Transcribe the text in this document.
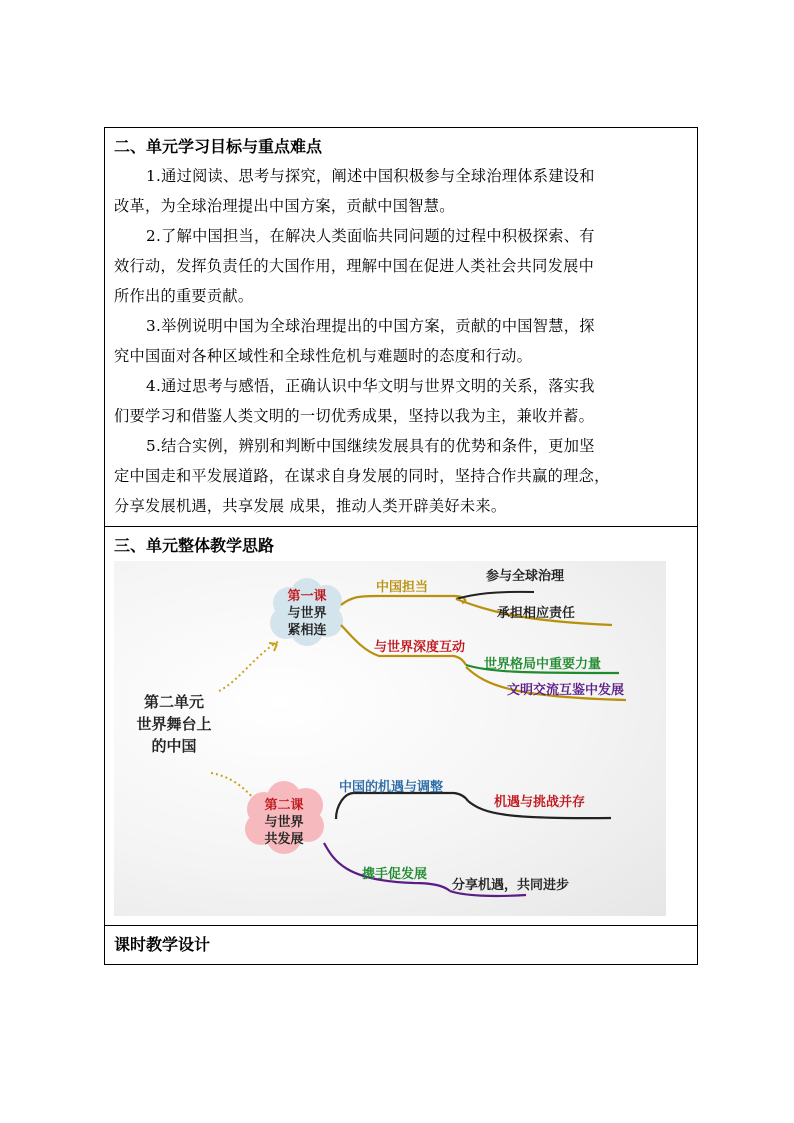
二、单元学习目标与重点难点
1.通过阅读、思考与探究，阐述中国积极参与全球治理体系建设和
改革，为全球治理提出中国方案，贡献中国智慧。
2.了解中国担当，在解决人类面临共同问题的过程中积极探索、有
效行动，发挥负责任的大国作用，理解中国在促进人类社会共同发展中
所作出的重要贡献。
3.举例说明中国为全球治理提出的中国方案，贡献的中国智慧，探
究中国面对各种区域性和全球性危机与难题时的态度和行动。
4.通过思考与感悟，正确认识中华文明与世界文明的关系，落实我
们要学习和借鉴人类文明的一切优秀成果，坚持以我为主，兼收并蓄。
5.结合实例，辨别和判断中国继续发展具有的优势和条件，更加坚
定中国走和平发展道路，在谋求自身发展的同时，坚持合作共赢的理念，
分享发展机遇，共享发展 成果，推动人类开辟美好未来。
三、单元整体教学思路
第二单元
世界舞台上
的中国
第一课
与世界
紧相连
中国担当
参与全球治理
承担相应责任
与世界深度互动
世界格局中重要力量
文明交流互鉴中发展
第二课
与世界
共发展
中国的机遇与调整
机遇与挑战并存
携手促发展
分享机遇，共同进步
课时教学设计
